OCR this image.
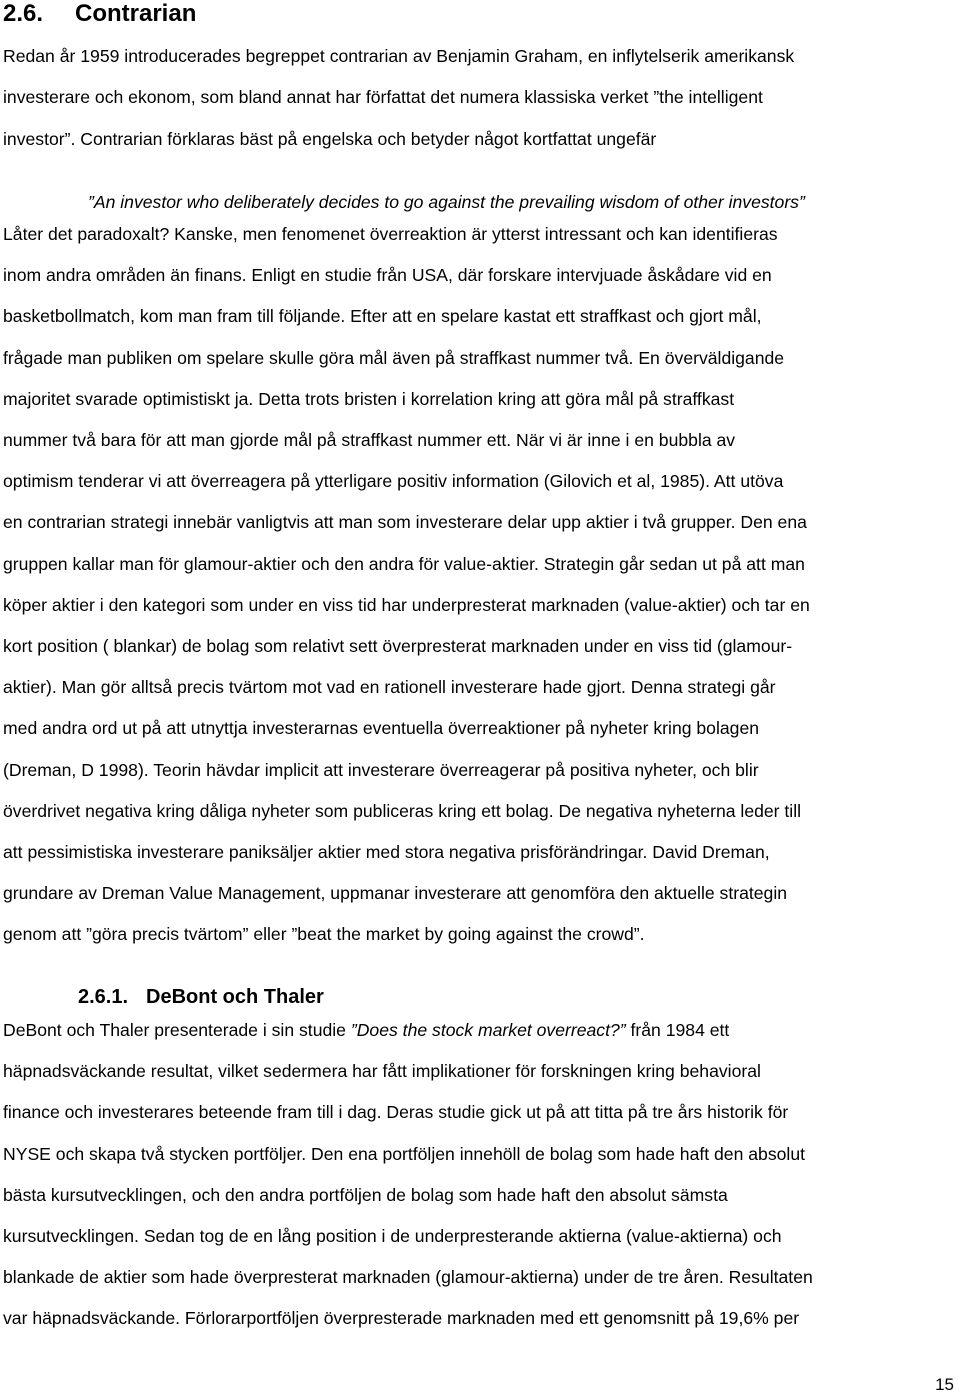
2.6. Contrarian

Redan år 1959 introducerades begreppet contrarian av Benjamin Graham, en inflytelserik amerikansk
investerare och ekonom, som bland annat har författat det numera klassiska verket ”the intelligent
investor”. Contrarian förklaras bäst på engelska och betyder något kortfattat ungefär

”An investor who deliberately decides to go against the prevailing wisdom of other investors”

Låter det paradoxalt? Kanske, men fenomenet överreaktion är ytterst intressant och kan identifieras
inom andra områden än finans. Enligt en studie från USA, där forskare intervjuade åskådare vid en
basketbollmatch, kom man fram till följande. Efter att en spelare kastat ett straffkast och gjort mål,
frågade man publiken om spelare skulle göra mål även på straffkast nummer två. En överväldigande
majoritet svarade optimistiskt ja. Detta trots bristen i korrelation kring att göra mål på straffkast
nummer två bara för att man gjorde mål på straffkast nummer ett. När vi är inne i en bubbla av
optimism tenderar vi att överreagera på ytterligare positiv information (Gilovich et al, 1985). Att utöva
en contrarian strategi innebär vanligtvis att man som investerare delar upp aktier i två grupper. Den ena
gruppen kallar man för glamour-aktier och den andra för value-aktier. Strategin går sedan ut på att man
köper aktier i den kategori som under en viss tid har underpresterat marknaden (value-aktier) och tar en
kort position ( blankar) de bolag som relativt sett överpresterat marknaden under en viss tid (glamour-
aktier). Man gör alltså precis tvärtom mot vad en rationell investerare hade gjort. Denna strategi går
med andra ord ut på att utnyttja investerarnas eventuella överreaktioner på nyheter kring bolagen
(Dreman, D 1998). Teorin hävdar implicit att investerare överreagerar på positiva nyheter, och blir
överdrivet negativa kring dåliga nyheter som publiceras kring ett bolag. De negativa nyheterna leder till
att pessimistiska investerare paniksäljer aktier med stora negativa prisförändringar. David Dreman,
grundare av Dreman Value Management, uppmanar investerare att genomföra den aktuelle strategin
genom att ”göra precis tvärtom” eller ”beat the market by going against the crowd”.

2.6.1. DeBont och Thaler

DeBont och Thaler presenterade i sin studie ”Does the stock market overreact?” från 1984 ett
häpnadsväckande resultat, vilket sedermera har fått implikationer för forskningen kring behavioral
finance och investerares beteende fram till i dag. Deras studie gick ut på att titta på tre års historik för
NYSE och skapa två stycken portföljer. Den ena portföljen innehöll de bolag som hade haft den absolut
bästa kursutvecklingen, och den andra portföljen de bolag som hade haft den absolut sämsta
kursutvecklingen. Sedan tog de en lång position i de underpresterande aktierna (value-aktierna) och
blankade de aktier som hade överpresterat marknaden (glamour-aktierna) under de tre åren. Resultaten
var häpnadsväckande. Förlorarportföljen överpresterade marknaden med ett genomsnitt på 19,6% per

15
